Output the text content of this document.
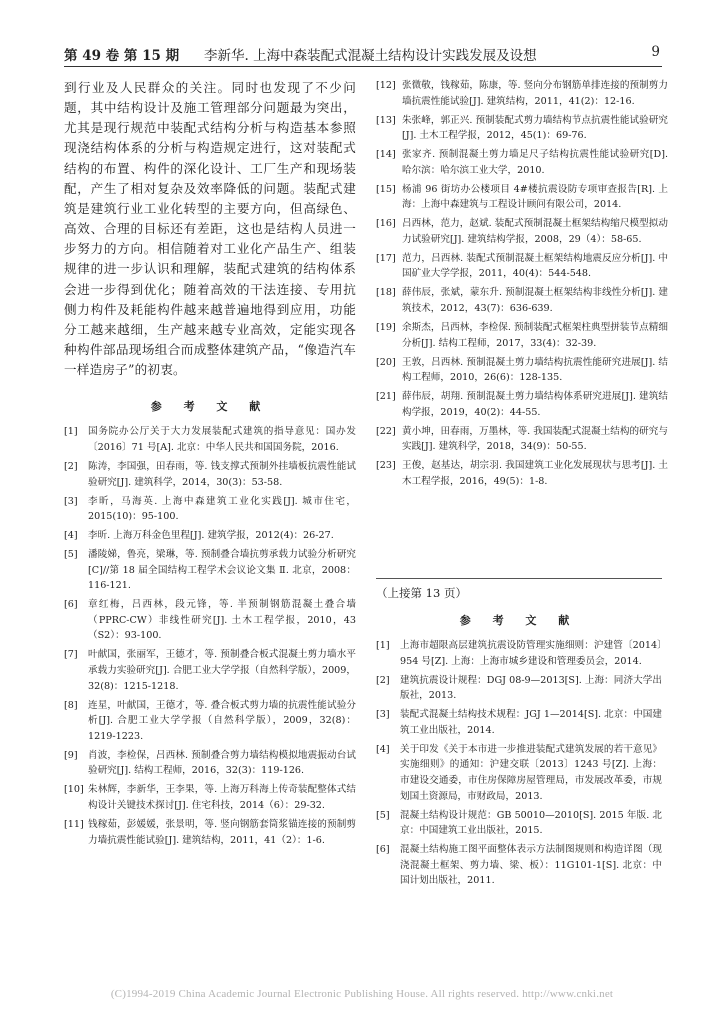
第 49 卷 第 15 期 李新华. 上海中森装配式混凝土结构设计实践发展及设想	9

到行业及人民群众的关注。同时也发现了不少问题，其中结构设计及施工管理部分问题最为突出，尤其是现行规范中装配式结构分析与构造基本参照现浇结构体系的分析与构造规定进行，这对装配式结构的布置、构件的深化设计、工厂生产和现场装配，产生了相对复杂及效率降低的问题。装配式建筑是建筑行业工业化转型的主要方向，但高绿色、高效、合理的目标还有差距，这也是结构人员进一步努力的方向。相信随着对工业化产品生产、组装规律的进一步认识和理解，装配式建筑的结构体系会进一步得到优化；随着高效的干法连接、专用抗侧力构件及耗能构件越来越普遍地得到应用，功能分工越来越细，生产越来越专业高效，定能实现各种构件部品现场组合而成整体建筑产品，“像造汽车一样造房子”的初衷。

参 考 文 献

[1] 国务院办公厅关于大力发展装配式建筑的指导意见：国办发〔2016〕71 号[A]. 北京：中华人民共和国国务院，2016.
[2] 陈涛，李国强，田春雨，等. 钱支撑式预制外挂墙板抗震性能试验研究[J]. 建筑科学，2014，30(3)：53-58.
[3] 李昕，马海英. 上海中森建筑工业化实践[J]. 城市住宅，2015(10)：95-100.
[4] 李昕. 上海万科金色里程[J]. 建筑学报，2012(4)：26-27.
[5] 潘陵娣，鲁亮，梁琳，等. 预制叠合墙抗剪承载力试验分析研究[C]//第 18 届全国结构工程学术会议论文集 Ⅱ. 北京，2008：116-121.
[6] 章红梅，吕西林，段元锋，等. 半预制钢筋混凝土叠合墙（PPRC-CW）非线性研究[J]. 土木工程学报，2010，43（S2）：93-100.
[7] 叶献国，张丽军，王德才，等. 预制叠合板式混凝土剪力墙水平承载力实验研究[J]. 合肥工业大学学报（自然科学版），2009，32(8)：1215-1218.
[8] 连星，叶献国，王德才，等. 叠合板式剪力墙的抗震性能试验分析[J]. 合肥工业大学学报（自然科学版），2009，32(8)：1219-1223.
[9] 肖波，李检保，吕西林. 预制叠合剪力墙结构模拟地震振动台试验研究[J]. 结构工程师，2016，32(3)：119-126.
[10] 朱林辉，李新华，王李果，等. 上海万科海上传奇装配整体式结构设计关键技术探讨[J]. 住宅科技，2014（6）：29-32.
[11] 钱稼茹，彭媛媛，张景明，等. 竖向钢筋套筒浆锚连接的预制剪力墙抗震性能试验[J]. 建筑结构，2011，41（2）：1-6.
[12] 张微敬，钱稼茹，陈康，等. 竖向分布钢筋单排连接的预制剪力墙抗震性能试验[J]. 建筑结构，2011，41(2)：12-16.
[13] 朱张峰，郭正兴. 预制装配式剪力墙结构节点抗震性能试验研究[J]. 土木工程学报，2012，45(1)：69-76.
[14] 张家齐. 预制混凝土剪力墙足尺子结构抗震性能试验研究[D]. 哈尔滨：哈尔滨工业大学，2010.
[15] 杨浦 96 街坊办公楼项目 4#楼抗震设防专项审查报告[R]. 上海：上海中森建筑与工程设计顾问有限公司，2014.
[16] 吕西林，范力，赵斌. 装配式预制混凝土框架结构缩尺模型拟动力试验研究[J]. 建筑结构学报，2008，29（4）：58-65.
[17] 范力，吕西林. 装配式预制混凝土框架结构地震反应分析[J]. 中国矿业大学学报，2011，40(4)：544-548.
[18] 薛伟辰，张斌，蒙东升. 预制混凝土框架结构非线性分析[J]. 建筑技术，2012，43(7)：636-639.
[19] 余斯杰，吕西林，李检保. 预制装配式框架柱典型拼装节点精细分析[J]. 结构工程师，2017，33(4)：32-39.
[20] 王敦，吕西林. 预制混凝土剪力墙结构抗震性能研究进展[J]. 结构工程师，2010，26(6)：128-135.
[21] 薛伟辰，胡翔. 预制混凝土剪力墙结构体系研究进展[J]. 建筑结构学报，2019，40(2)：44-55.
[22] 黄小坤，田春雨，万墨林，等. 我国装配式混凝土结构的研究与实践[J]. 建筑科学，2018，34(9)：50-55.
[23] 王俊，赵基达，胡宗羽. 我国建筑工业化发展现状与思考[J]. 土木工程学报，2016，49(5)：1-8.
（上接第 13 页）

参 考 文 献

[1] 上海市超限高层建筑抗震设防管理实施细则：沪建管〔2014〕954 号[Z]. 上海：上海市城乡建设和管理委员会，2014.
[2] 建筑抗震设计规程：DGJ 08-9—2013[S]. 上海：同济大学出版社，2013.
[3] 装配式混凝土结构技术规程：JGJ 1—2014[S]. 北京：中国建筑工业出版社，2014.
[4] 关于印发《关于本市进一步推进装配式建筑发展的若干意见》实施细则》的通知：沪建交联〔2013〕1243 号[Z]. 上海：市建设交通委，市住房保障房屋管理局，市发展改革委，市规划国土资源局，市财政局，2013.
[5] 混凝土结构设计规范：GB 50010—2010[S]. 2015 年版. 北京：中国建筑工业出版社，2015.
[6] 混凝土结构施工图平面整体表示方法制图规则和构造详图（现浇混凝土框架、剪力墙、梁、板）：11G101-1[S]. 北京：中国计划出版社，2011.
(C)1994-2019 China Academic Journal Electronic Publishing House. All rights reserved. http://www.cnki.net
